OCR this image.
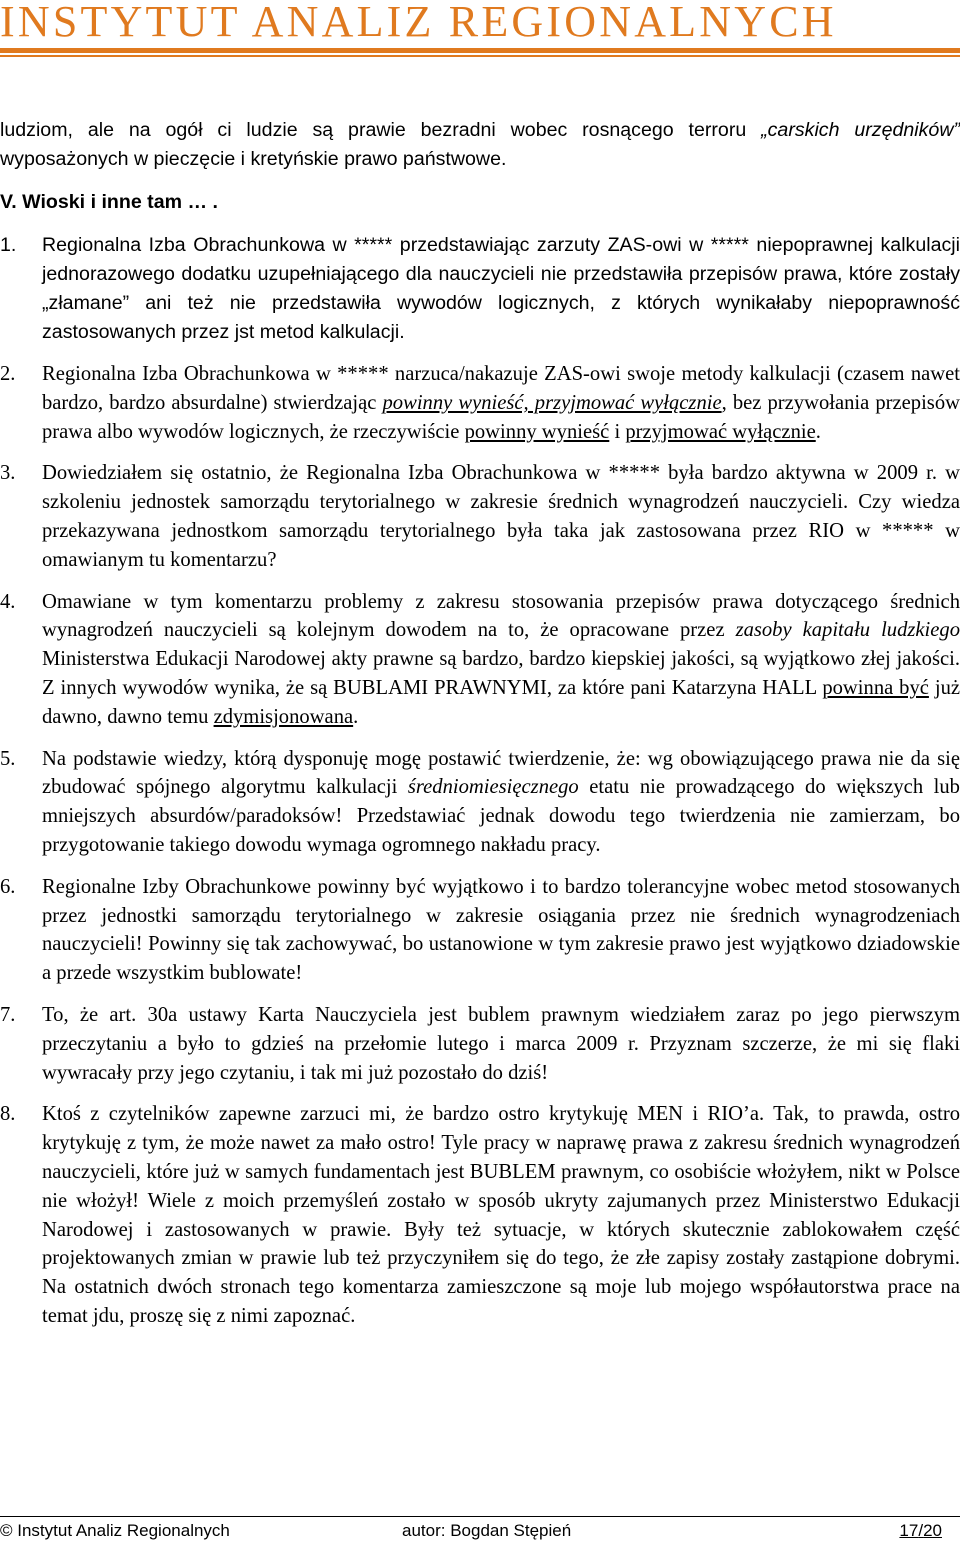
INSTYTUT ANALIZ REGIONALNYCH

ludziom, ale na ogół ci ludzie są prawie bezradni wobec rosnącego terroru „carskich urzędników” wyposażonych w pieczęcie i kretyńskie prawo państwowe.

V. Wioski i inne tam … .

1. Regionalna Izba Obrachunkowa w ***** przedstawiając zarzuty ZAS-owi w ***** niepoprawnej kalkulacji jednorazowego dodatku uzupełniającego dla nauczycieli nie przedstawiła przepisów prawa, które zostały „złamane” ani też nie przedstawiła wywodów logicznych, z których wynikałaby niepoprawność zastosowanych przez jst metod kalkulacji.
2. Regionalna Izba Obrachunkowa w ***** narzuca/nakazuje ZAS-owi swoje metody kalkulacji (czasem nawet bardzo, bardzo absurdalne) stwierdzając powinny wynieść, przyjmować wyłącznie, bez przywołania przepisów prawa albo wywodów logicznych, że rzeczywiście powinny wynieść i przyjmować wyłącznie.
3. Dowiedziałem się ostatnio, że Regionalna Izba Obrachunkowa w ***** była bardzo aktywna w 2009 r. w szkoleniu jednostek samorządu terytorialnego w zakresie średnich wynagrodzeń nauczycieli. Czy wiedza przekazywana jednostkom samorządu terytorialnego była taka jak zastosowana przez RIO w ***** w omawianym tu komentarzu?
4. Omawiane w tym komentarzu problemy z zakresu stosowania przepisów prawa dotyczącego średnich wynagrodzeń nauczycieli są kolejnym dowodem na to, że opracowane przez zasoby kapitału ludzkiego Ministerstwa Edukacji Narodowej akty prawne są bardzo, bardzo kiepskiej jakości, są wyjątkowo złej jakości. Z innych wywodów wynika, że są BUBLAMI PRAWNYMI, za które pani Katarzyna HALL powinna być już dawno, dawno temu zdymisjonowana.
5. Na podstawie wiedzy, którą dysponuję mogę postawić twierdzenie, że: wg obowiązującego prawa nie da się zbudować spójnego algorytmu kalkulacji średniomiesięcznego etatu nie prowadzącego do większych lub mniejszych absurdów/paradoksów! Przedstawiać jednak dowodu tego twierdzenia nie zamierzam, bo przygotowanie takiego dowodu wymaga ogromnego nakładu pracy.
6. Regionalne Izby Obrachunkowe powinny być wyjątkowo i to bardzo tolerancyjne wobec metod stosowanych przez jednostki samorządu terytorialnego w zakresie osiągania przez nie średnich wynagrodzeniach nauczycieli! Powinny się tak zachowywać, bo ustanowione w tym zakresie prawo jest wyjątkowo dziadowskie a przede wszystkim bublowate!
7. To, że art. 30a ustawy Karta Nauczyciela jest bublem prawnym wiedziałem zaraz po jego pierwszym przeczytaniu a było to gdzieś na przełomie lutego i marca 2009 r. Przyznam szczerze, że mi się flaki wywracały przy jego czytaniu, i tak mi już pozostało do dziś!
8. Ktoś z czytelników zapewne zarzuci mi, że bardzo ostro krytykuję MEN i RIO’a. Tak, to prawda, ostro krytykuję z tym, że może nawet za mało ostro! Tyle pracy w naprawę prawa z zakresu średnich wynagrodzeń nauczycieli, które już w samych fundamentach jest BUBLEM prawnym, co osobiście włożyłem, nikt w Polsce nie włożył! Wiele z moich przemyśleń zostało w sposób ukryty zajumanych przez Ministerstwo Edukacji Narodowej i zastosowanych w prawie. Były też sytuacje, w których skutecznie zablokowałem część projektowanych zmian w prawie lub też przyczyniłem się do tego, że złe zapisy zostały zastąpione dobrymi. Na ostatnich dwóch stronach tego komentarza zamieszczone są moje lub mojego współautorstwa prace na temat jdu, proszę się z nimi zapoznać.
© Instytut Analiz Regionalnych	autor: Bogdan Stępień	17/20
